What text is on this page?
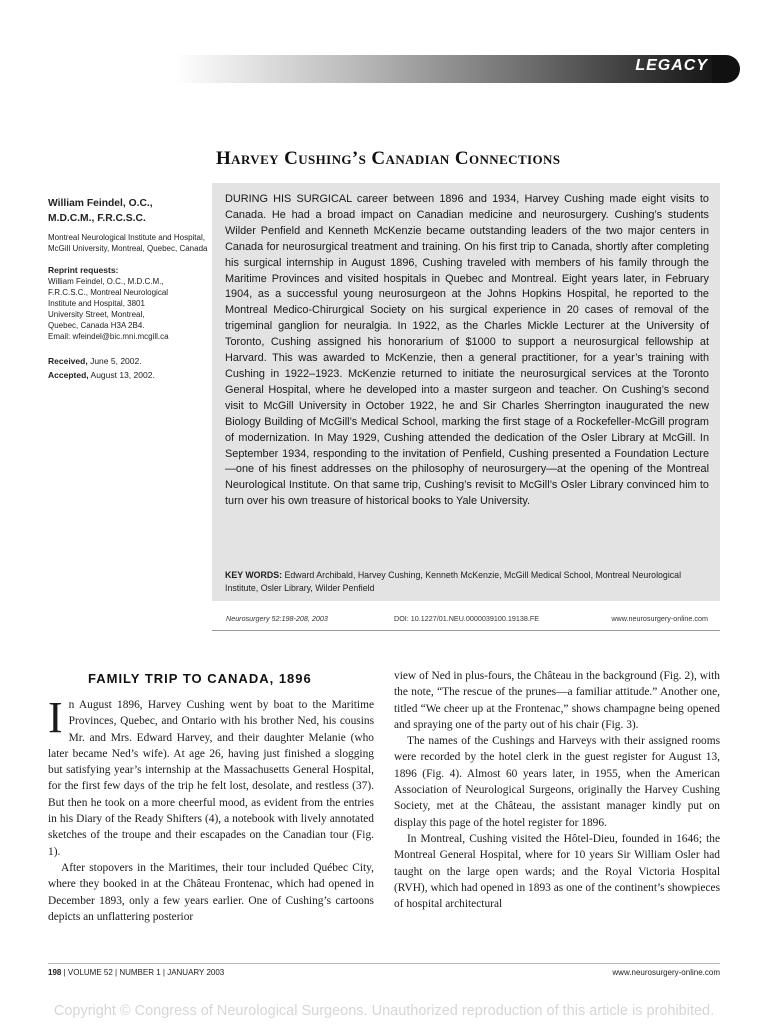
LEGACY
Harvey Cushing’s Canadian Connections
William Feindel, O.C.,
M.D.C.M., F.R.C.S.C.
Montreal Neurological Institute and Hospital, McGill University, Montreal, Quebec, Canada
Reprint requests:
William Feindel, O.C., M.D.C.M.,
F.R.C.S.C., Montreal Neurological
Institute and Hospital, 3801
University Street, Montreal,
Quebec, Canada H3A 2B4.
Email: wfeindel@bic.mni.mcgill.ca
Received, June 5, 2002.
Accepted, August 13, 2002.

DURING HIS SURGICAL career between 1896 and 1934, Harvey Cushing made eight visits to Canada. He had a broad impact on Canadian medicine and neurosurgery. Cushing’s students Wilder Penfield and Kenneth McKenzie became outstanding leaders of the two major centers in Canada for neurosurgical treatment and training. On his first trip to Canada, shortly after completing his surgical internship in August 1896, Cushing traveled with members of his family through the Maritime Provinces and visited hospitals in Quebec and Montreal. Eight years later, in February 1904, as a successful young neurosurgeon at the Johns Hopkins Hospital, he reported to the Montreal Medico-Chirurgical Society on his surgical experience in 20 cases of removal of the trigeminal ganglion for neuralgia. In 1922, as the Charles Mickle Lecturer at the University of Toronto, Cushing assigned his honorarium of $1000 to support a neurosurgical fellowship at Harvard. This was awarded to McKenzie, then a general practitioner, for a year’s training with Cushing in 1922–1923. McKenzie returned to initiate the neurosurgical services at the Toronto General Hospital, where he developed into a master surgeon and teacher. On Cushing’s second visit to McGill University in October 1922, he and Sir Charles Sherrington inaugurated the new Biology Building of McGill’s Medical School, marking the first stage of a Rockefeller-McGill program of modernization. In May 1929, Cushing attended the dedication of the Osler Library at McGill. In September 1934, responding to the invitation of Penfield, Cushing presented a Foundation Lecture—one of his finest addresses on the philosophy of neurosurgery—at the opening of the Montreal Neurological Institute. On that same trip, Cushing’s revisit to McGill’s Osler Library convinced him to turn over his own treasure of historical books to Yale University.

KEY WORDS: Edward Archibald, Harvey Cushing, Kenneth McKenzie, McGill Medical School, Montreal Neurological Institute, Osler Library, Wilder Penfield

Neurosurgery 52:198-208, 2003	DOI: 10.1227/01.NEU.0000039100.19138.FE	www.neurosurgery-online.com
FAMILY TRIP TO CANADA, 1896

In August 1896, Harvey Cushing went by boat to the Maritime Provinces, Quebec, and Ontario with his brother Ned, his cousins Mr. and Mrs. Edward Harvey, and their daughter Melanie (who later became Ned’s wife). At age 26, having just finished a slogging but satisfying year’s internship at the Massachusetts General Hospital, for the first few days of the trip he felt lost, desolate, and restless (37). But then he took on a more cheerful mood, as evident from the entries in his Diary of the Ready Shifters (4), a notebook with lively annotated sketches of the troupe and their escapades on the Canadian tour (Fig. 1).

After stopovers in the Maritimes, their tour included Québec City, where they booked in at the Château Frontenac, which had opened in December 1893, only a few years earlier. One of Cushing’s cartoons depicts an unflattering posterior

view of Ned in plus-fours, the Château in the background (Fig. 2), with the note, “The rescue of the prunes—a familiar attitude.” Another one, titled “We cheer up at the Frontenac,” shows champagne being opened and spraying one of the party out of his chair (Fig. 3).

The names of the Cushings and Harveys with their assigned rooms were recorded by the hotel clerk in the guest register for August 13, 1896 (Fig. 4). Almost 60 years later, in 1955, when the American Association of Neurological Surgeons, originally the Harvey Cushing Society, met at the Château, the assistant manager kindly put on display this page of the hotel register for 1896.

In Montreal, Cushing visited the Hôtel-Dieu, founded in 1646; the Montreal General Hospital, where for 10 years Sir William Osler had taught on the large open wards; and the Royal Victoria Hospital (RVH), which had opened in 1893 as one of the continent’s showpieces of hospital architectural

198 | VOLUME 52 | NUMBER 1 | JANUARY 2003	www.neurosurgery-online.com
Copyright © Congress of Neurological Surgeons. Unauthorized reproduction of this article is prohibited.
